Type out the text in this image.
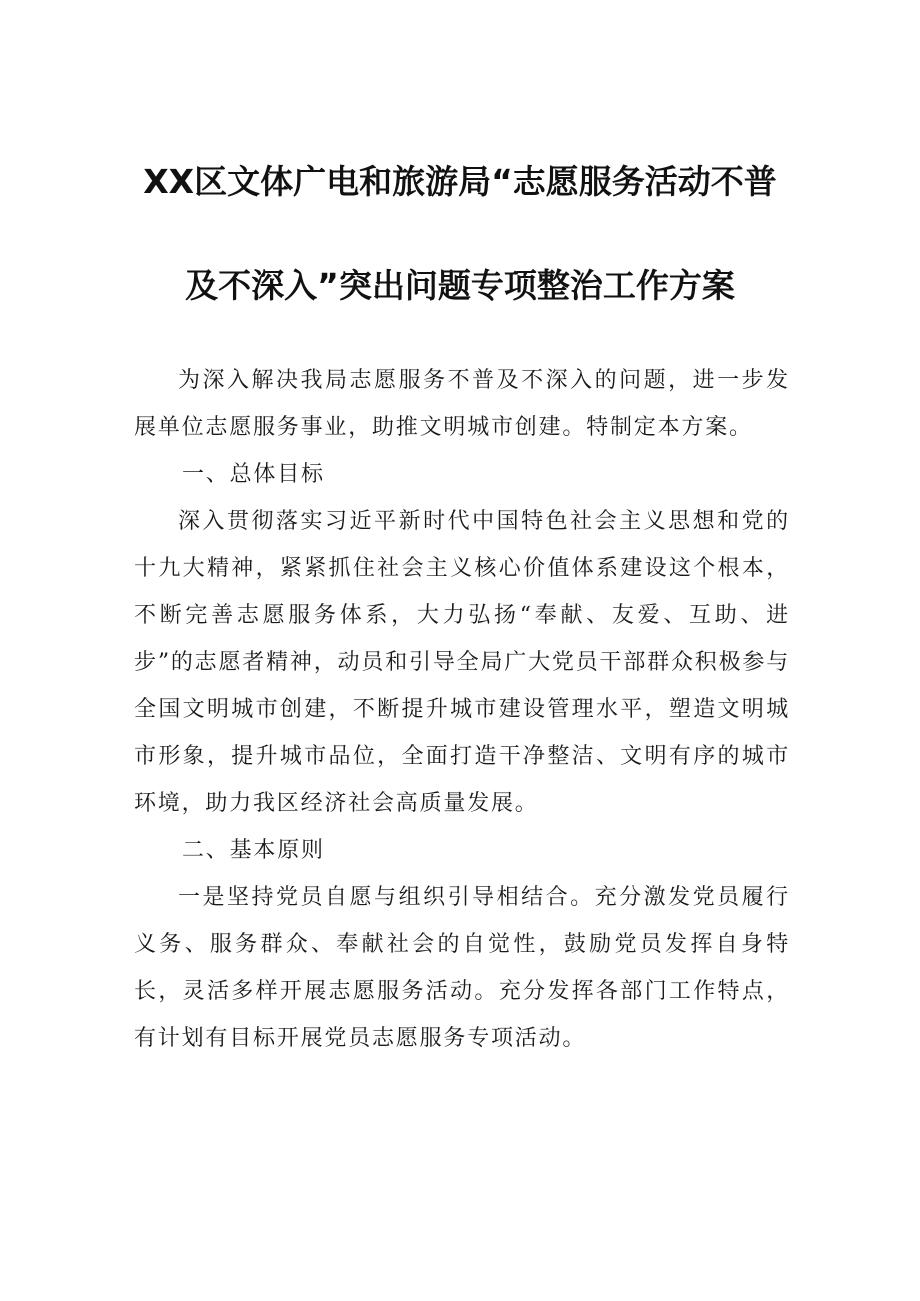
XX区文体广电和旅游局“志愿服务活动不普
及不深入”突出问题专项整治工作方案

为深入解决我局志愿服务不普及不深入的问题，进一步发展单位志愿服务事业，助推文明城市创建。特制定本方案。

一、总体目标

深入贯彻落实习近平新时代中国特色社会主义思想和党的十九大精神，紧紧抓住社会主义核心价值体系建设这个根本，不断完善志愿服务体系，大力弘扬“奉献、友爱、互助、进步”的志愿者精神，动员和引导全局广大党员干部群众积极参与全国文明城市创建，不断提升城市建设管理水平，塑造文明城市形象，提升城市品位，全面打造干净整洁、文明有序的城市环境，助力我区经济社会高质量发展。

二、基本原则

一是坚持党员自愿与组织引导相结合。充分激发党员履行义务、服务群众、奉献社会的自觉性，鼓励党员发挥自身特长，灵活多样开展志愿服务活动。充分发挥各部门工作特点，有计划有目标开展党员志愿服务专项活动。
